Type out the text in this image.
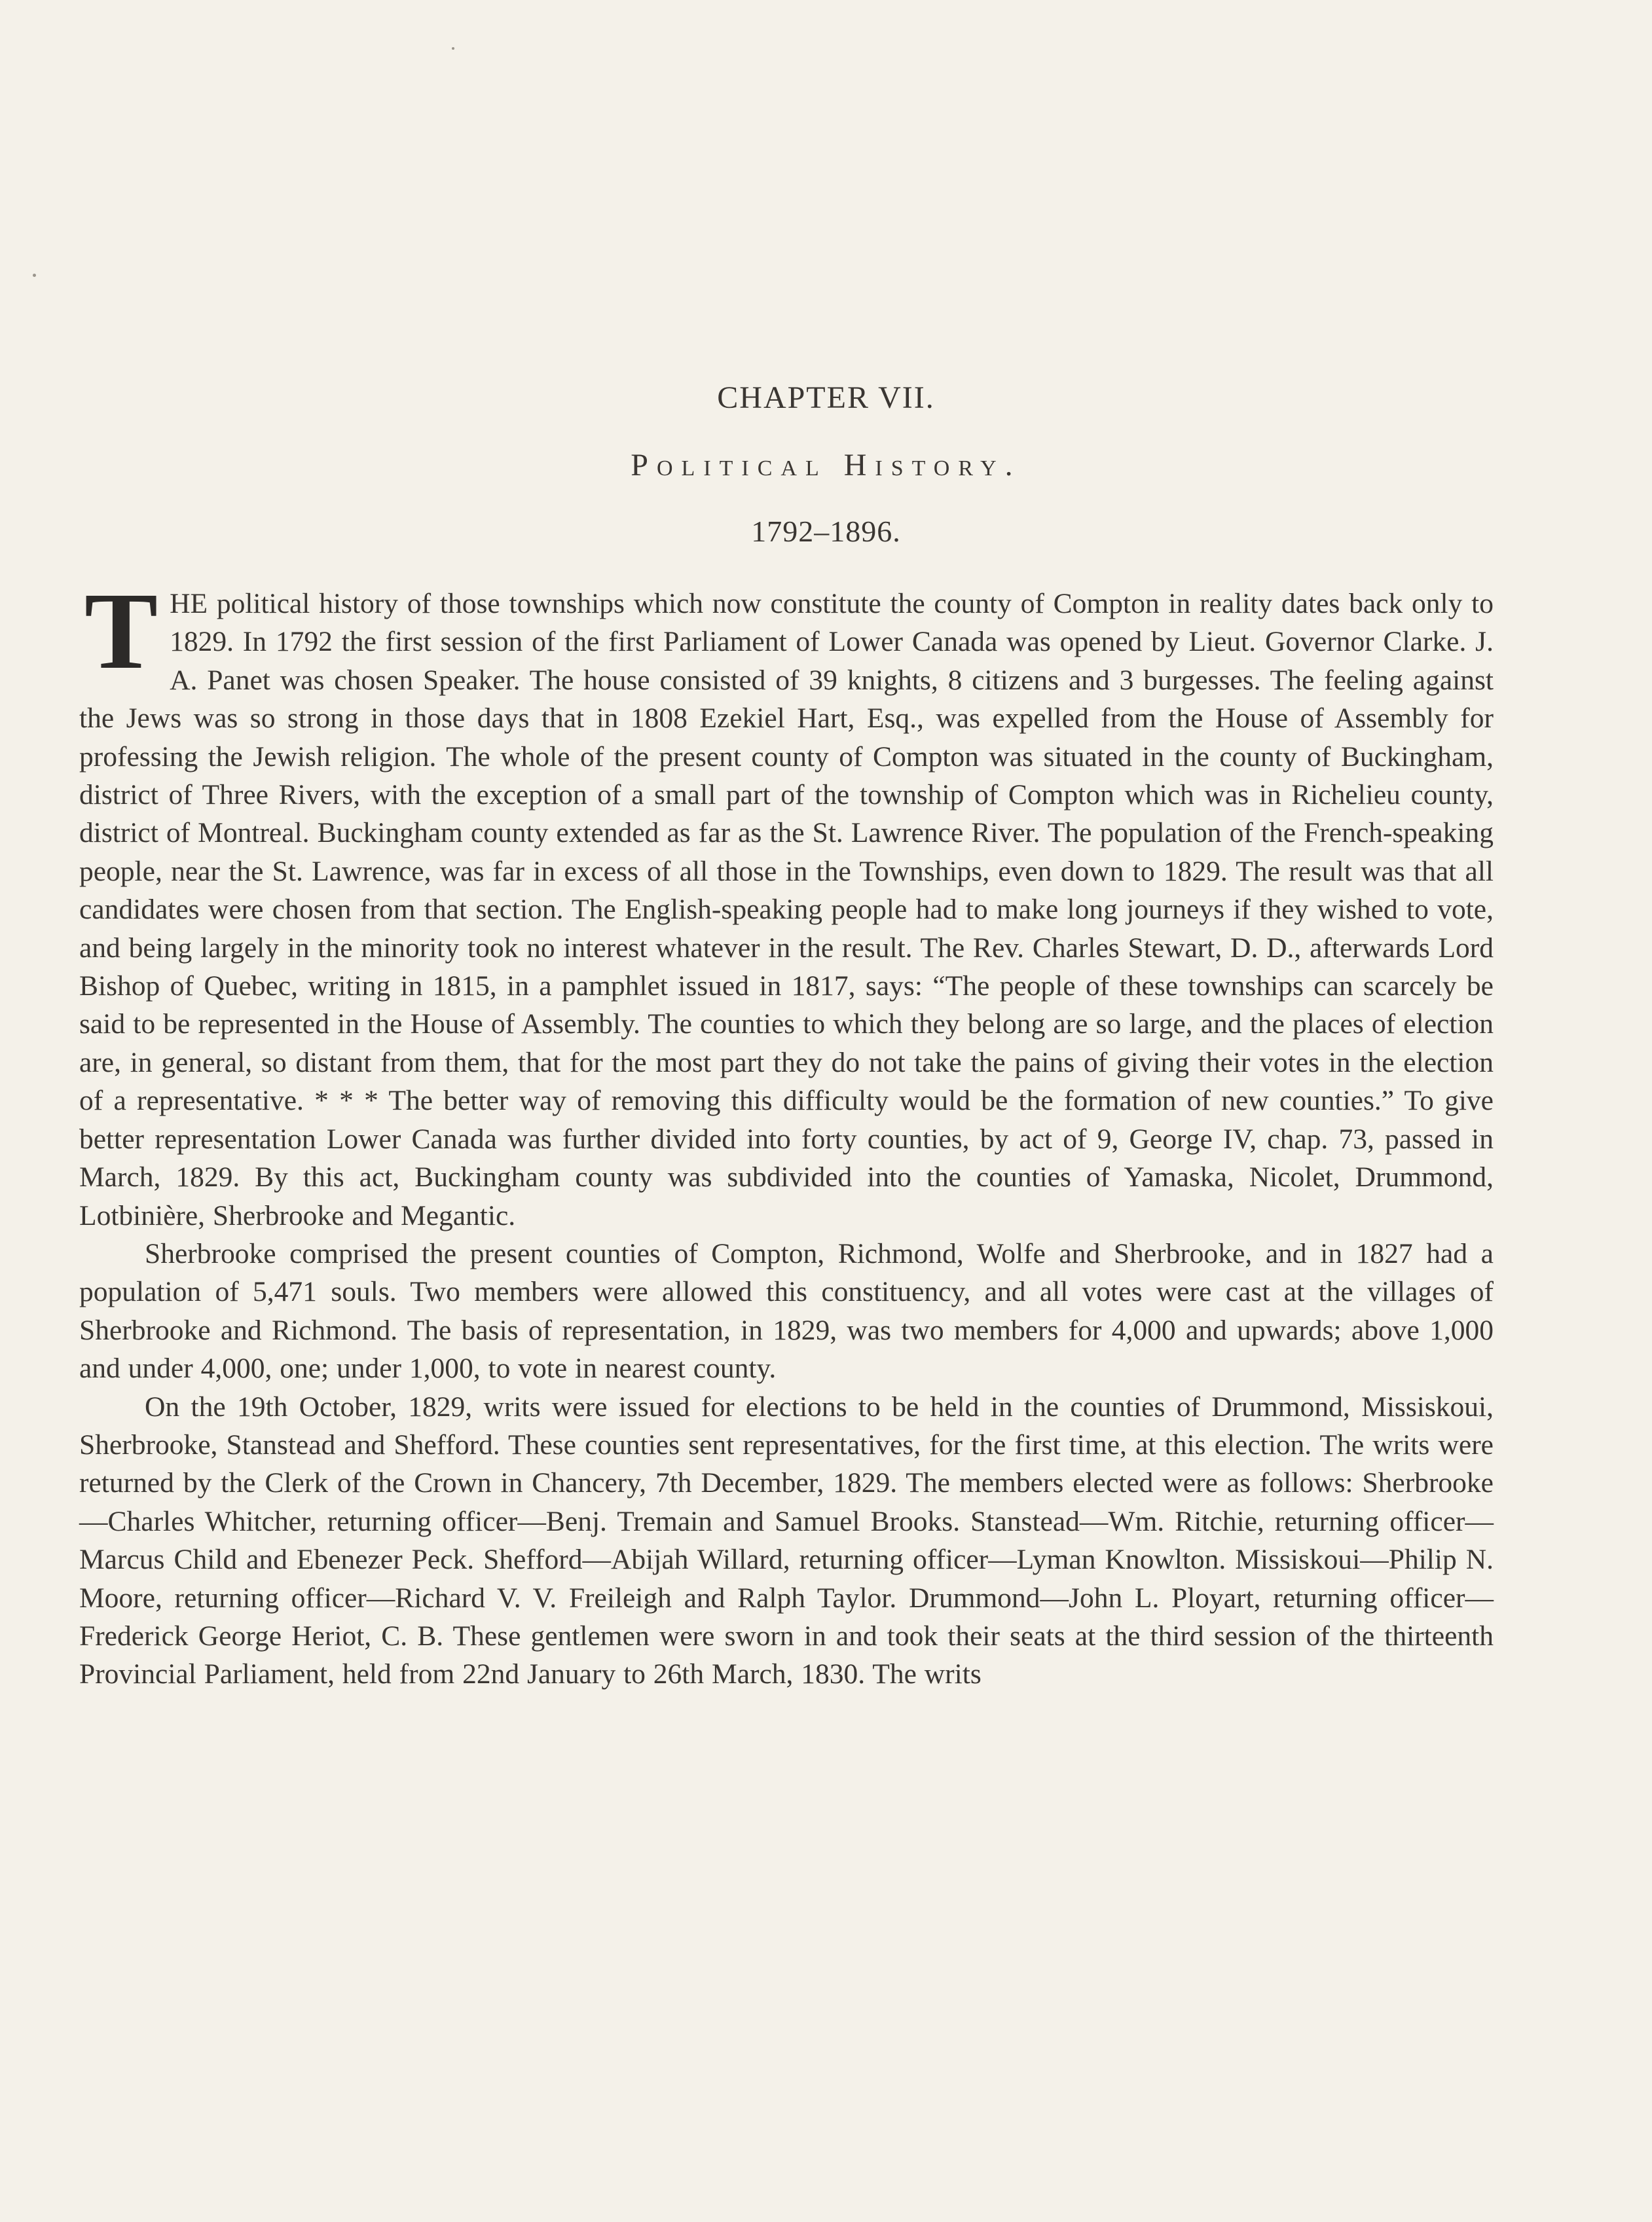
CHAPTER VII.
Political History.
1792–1896.

THE political history of those townships which now constitute the county of Compton in reality dates back only to 1829. In 1792 the first session of the first Parliament of Lower Canada was opened by Lieut. Governor Clarke. J. A. Panet was chosen Speaker. The house consisted of 39 knights, 8 citizens and 3 burgesses. The feeling against the Jews was so strong in those days that in 1808 Ezekiel Hart, Esq., was expelled from the House of Assembly for professing the Jewish religion. The whole of the present county of Compton was situated in the county of Buckingham, district of Three Rivers, with the exception of a small part of the township of Compton which was in Richelieu county, district of Montreal. Buckingham county extended as far as the St. Lawrence River. The population of the French-speaking people, near the St. Lawrence, was far in excess of all those in the Townships, even down to 1829. The result was that all candidates were chosen from that section. The English-speaking people had to make long journeys if they wished to vote, and being largely in the minority took no interest whatever in the result. The Rev. Charles Stewart, D. D., afterwards Lord Bishop of Quebec, writing in 1815, in a pamphlet issued in 1817, says: “The people of these townships can scarcely be said to be represented in the House of Assembly. The counties to which they belong are so large, and the places of election are, in general, so distant from them, that for the most part they do not take the pains of giving their votes in the election of a representative. * * * The better way of removing this difficulty would be the formation of new counties.” To give better representation Lower Canada was further divided into forty counties, by act of 9, George IV, chap. 73, passed in March, 1829. By this act, Buckingham county was subdivided into the counties of Yamaska, Nicolet, Drummond, Lotbinière, Sherbrooke and Megantic.

Sherbrooke comprised the present counties of Compton, Richmond, Wolfe and Sherbrooke, and in 1827 had a population of 5,471 souls. Two members were allowed this constituency, and all votes were cast at the villages of Sherbrooke and Richmond. The basis of representation, in 1829, was two members for 4,000 and upwards; above 1,000 and under 4,000, one; under 1,000, to vote in nearest county.

On the 19th October, 1829, writs were issued for elections to be held in the counties of Drummond, Missiskoui, Sherbrooke, Stanstead and Shefford. These counties sent representatives, for the first time, at this election. The writs were returned by the Clerk of the Crown in Chancery, 7th December, 1829. The members elected were as follows: Sherbrooke—Charles Whitcher, returning officer—Benj. Tremain and Samuel Brooks. Stanstead—Wm. Ritchie, returning officer—Marcus Child and Ebenezer Peck. Shefford—Abijah Willard, returning officer—Lyman Knowlton. Missiskoui—Philip N. Moore, returning officer—Richard V. V. Freileigh and Ralph Taylor. Drummond—John L. Ployart, returning officer—Frederick George Heriot, C. B. These gentlemen were sworn in and took their seats at the third session of the thirteenth Provincial Parliament, held from 22nd January to 26th March, 1830. The writs
